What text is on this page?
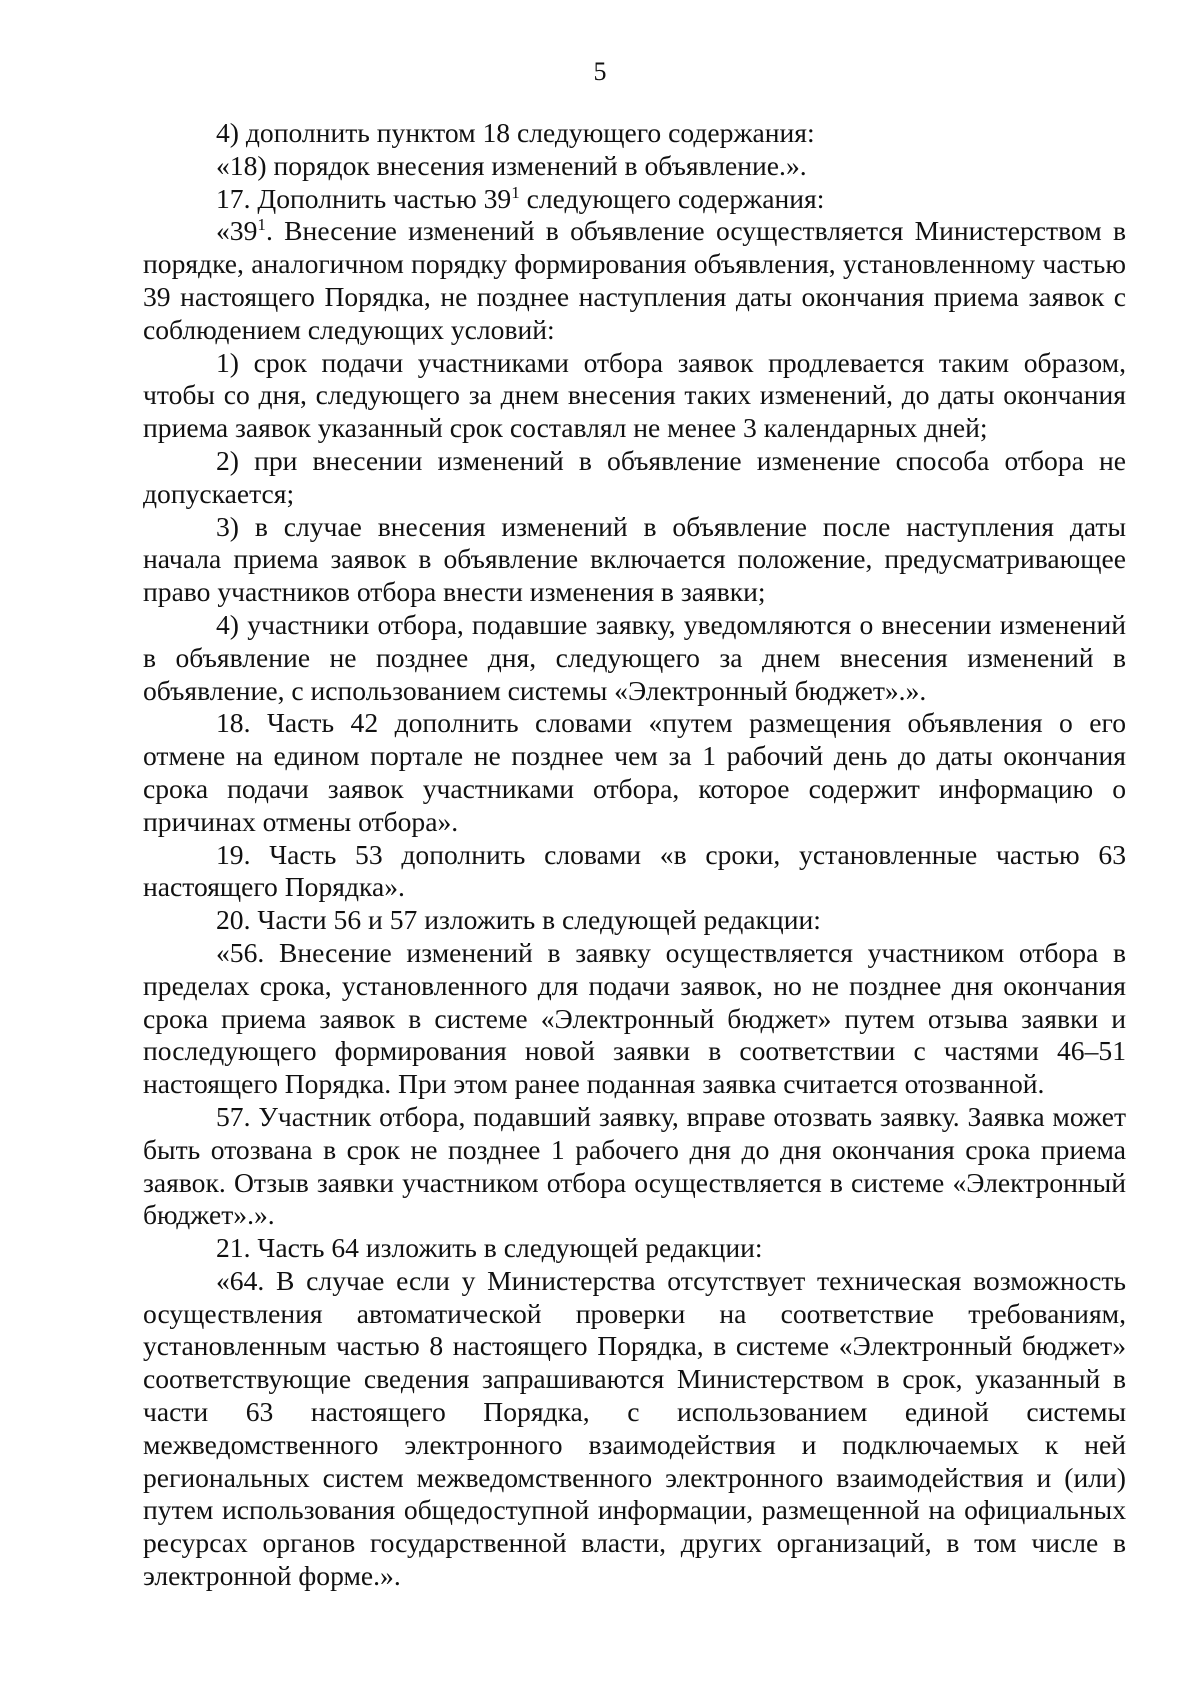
5

4) дополнить пунктом 18 следующего содержания:

«18) порядок внесения изменений в объявление.».

17. Дополнить частью $39^1$ следующего содержания:

«$39^1$. Внесение изменений в объявление осуществляется Министерством в порядке, аналогичном порядку формирования объявления, установленному частью 39 настоящего Порядка, не позднее наступления даты окончания приема заявок с соблюдением следующих условий:

1) срок подачи участниками отбора заявок продлевается таким образом, чтобы со дня, следующего за днем внесения таких изменений, до даты окончания приема заявок указанный срок составлял не менее 3 календарных дней;

2) при внесении изменений в объявление изменение способа отбора не допускается;

3) в случае внесения изменений в объявление после наступления даты начала приема заявок в объявление включается положение, предусматривающее право участников отбора внести изменения в заявки;

4) участники отбора, подавшие заявку, уведомляются о внесении изменений в объявление не позднее дня, следующего за днем внесения изменений в объявление, с использованием системы «Электронный бюджет».».

18. Часть 42 дополнить словами «путем размещения объявления о его отмене на едином портале не позднее чем за 1 рабочий день до даты окончания срока подачи заявок участниками отбора, которое содержит информацию о причинах отмены отбора».

19. Часть 53 дополнить словами «в сроки, установленные частью 63 настоящего Порядка».

20. Части 56 и 57 изложить в следующей редакции:

«56. Внесение изменений в заявку осуществляется участником отбора в пределах срока, установленного для подачи заявок, но не позднее дня окончания срока приема заявок в системе «Электронный бюджет» путем отзыва заявки и последующего формирования новой заявки в соответствии с частями 46–51 настоящего Порядка. При этом ранее поданная заявка считается отозванной.

57. Участник отбора, подавший заявку, вправе отозвать заявку. Заявка может быть отозвана в срок не позднее 1 рабочего дня до дня окончания срока приема заявок. Отзыв заявки участником отбора осуществляется в системе «Электронный бюджет».».

21. Часть 64 изложить в следующей редакции:

«64. В случае если у Министерства отсутствует техническая возможность осуществления автоматической проверки на соответствие требованиям, установленным частью 8 настоящего Порядка, в системе «Электронный бюджет» соответствующие сведения запрашиваются Министерством в срок, указанный в части 63 настоящего Порядка, с использованием единой системы межведомственного электронного взаимодействия и подключаемых к ней региональных систем межведомственного электронного взаимодействия и (или) путем использования общедоступной информации, размещенной на официальных ресурсах органов государственной власти, других организаций, в том числе в электронной форме.».
